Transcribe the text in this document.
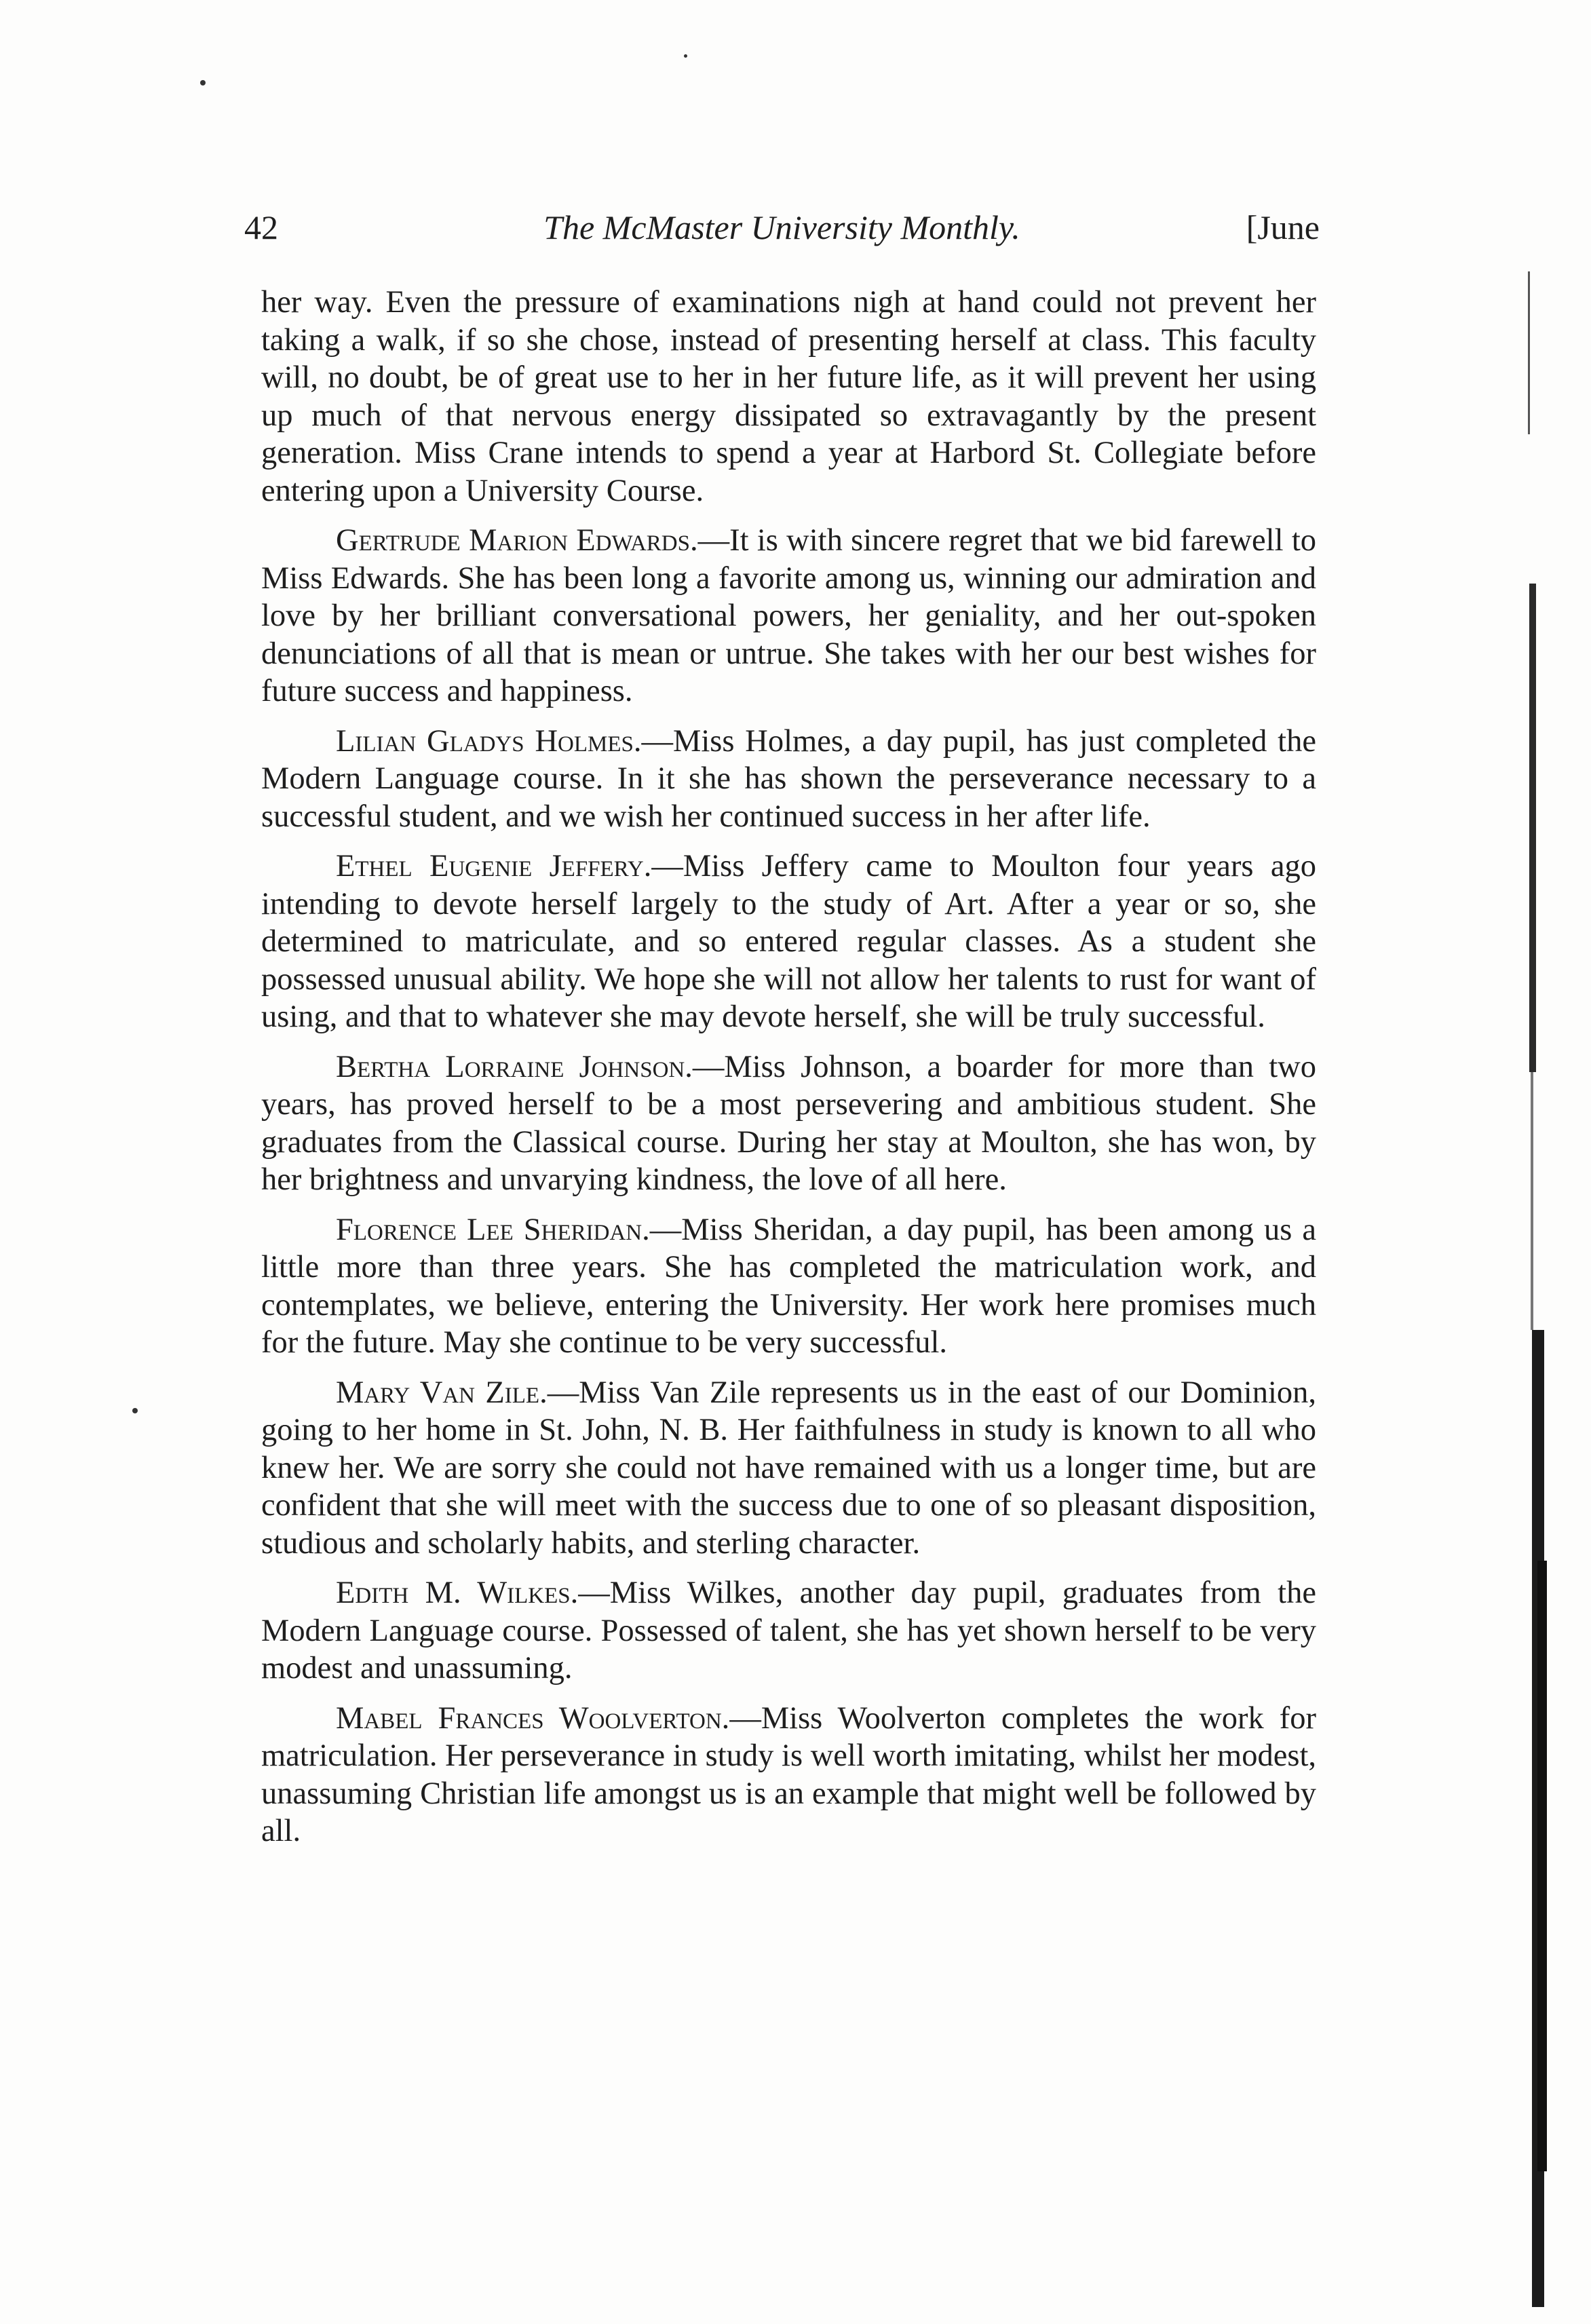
42	The McMaster University Monthly.	[June

her way. Even the pressure of examinations nigh at hand could not prevent her taking a walk, if so she chose, instead of presenting herself at class. This faculty will, no doubt, be of great use to her in her future life, as it will prevent her using up much of that nervous energy dissipated so extravagantly by the present generation. Miss Crane intends to spend a year at Harbord St. Collegiate before entering upon a University Course.

Gertrude Marion Edwards.—It is with sincere regret that we bid farewell to Miss Edwards. She has been long a favorite among us, winning our admiration and love by her brilliant conversational powers, her geniality, and her out-spoken denunciations of all that is mean or untrue. She takes with her our best wishes for future success and happiness.

Lilian Gladys Holmes.—Miss Holmes, a day pupil, has just completed the Modern Language course. In it she has shown the perseverance necessary to a successful student, and we wish her continued success in her after life.

Ethel Eugenie Jeffery.—Miss Jeffery came to Moulton four years ago intending to devote herself largely to the study of Art. After a year or so, she determined to matriculate, and so entered regular classes. As a student she possessed unusual ability. We hope she will not allow her talents to rust for want of using, and that to whatever she may devote herself, she will be truly successful.

Bertha Lorraine Johnson.—Miss Johnson, a boarder for more than two years, has proved herself to be a most persevering and ambitious student. She graduates from the Classical course. During her stay at Moulton, she has won, by her brightness and unvarying kindness, the love of all here.

Florence Lee Sheridan.—Miss Sheridan, a day pupil, has been among us a little more than three years. She has completed the matriculation work, and contemplates, we believe, entering the University. Her work here promises much for the future. May she continue to be very successful.

Mary Van Zile.—Miss Van Zile represents us in the east of our Dominion, going to her home in St. John, N. B. Her faithfulness in study is known to all who knew her. We are sorry she could not have remained with us a longer time, but are confident that she will meet with the success due to one of so pleasant disposition, studious and scholarly habits, and sterling character.

Edith M. Wilkes.—Miss Wilkes, another day pupil, graduates from the Modern Language course. Possessed of talent, she has yet shown herself to be very modest and unassuming.

Mabel Frances Woolverton.—Miss Woolverton completes the work for matriculation. Her perseverance in study is well worth imitating, whilst her modest, unassuming Christian life amongst us is an example that might well be followed by all.
